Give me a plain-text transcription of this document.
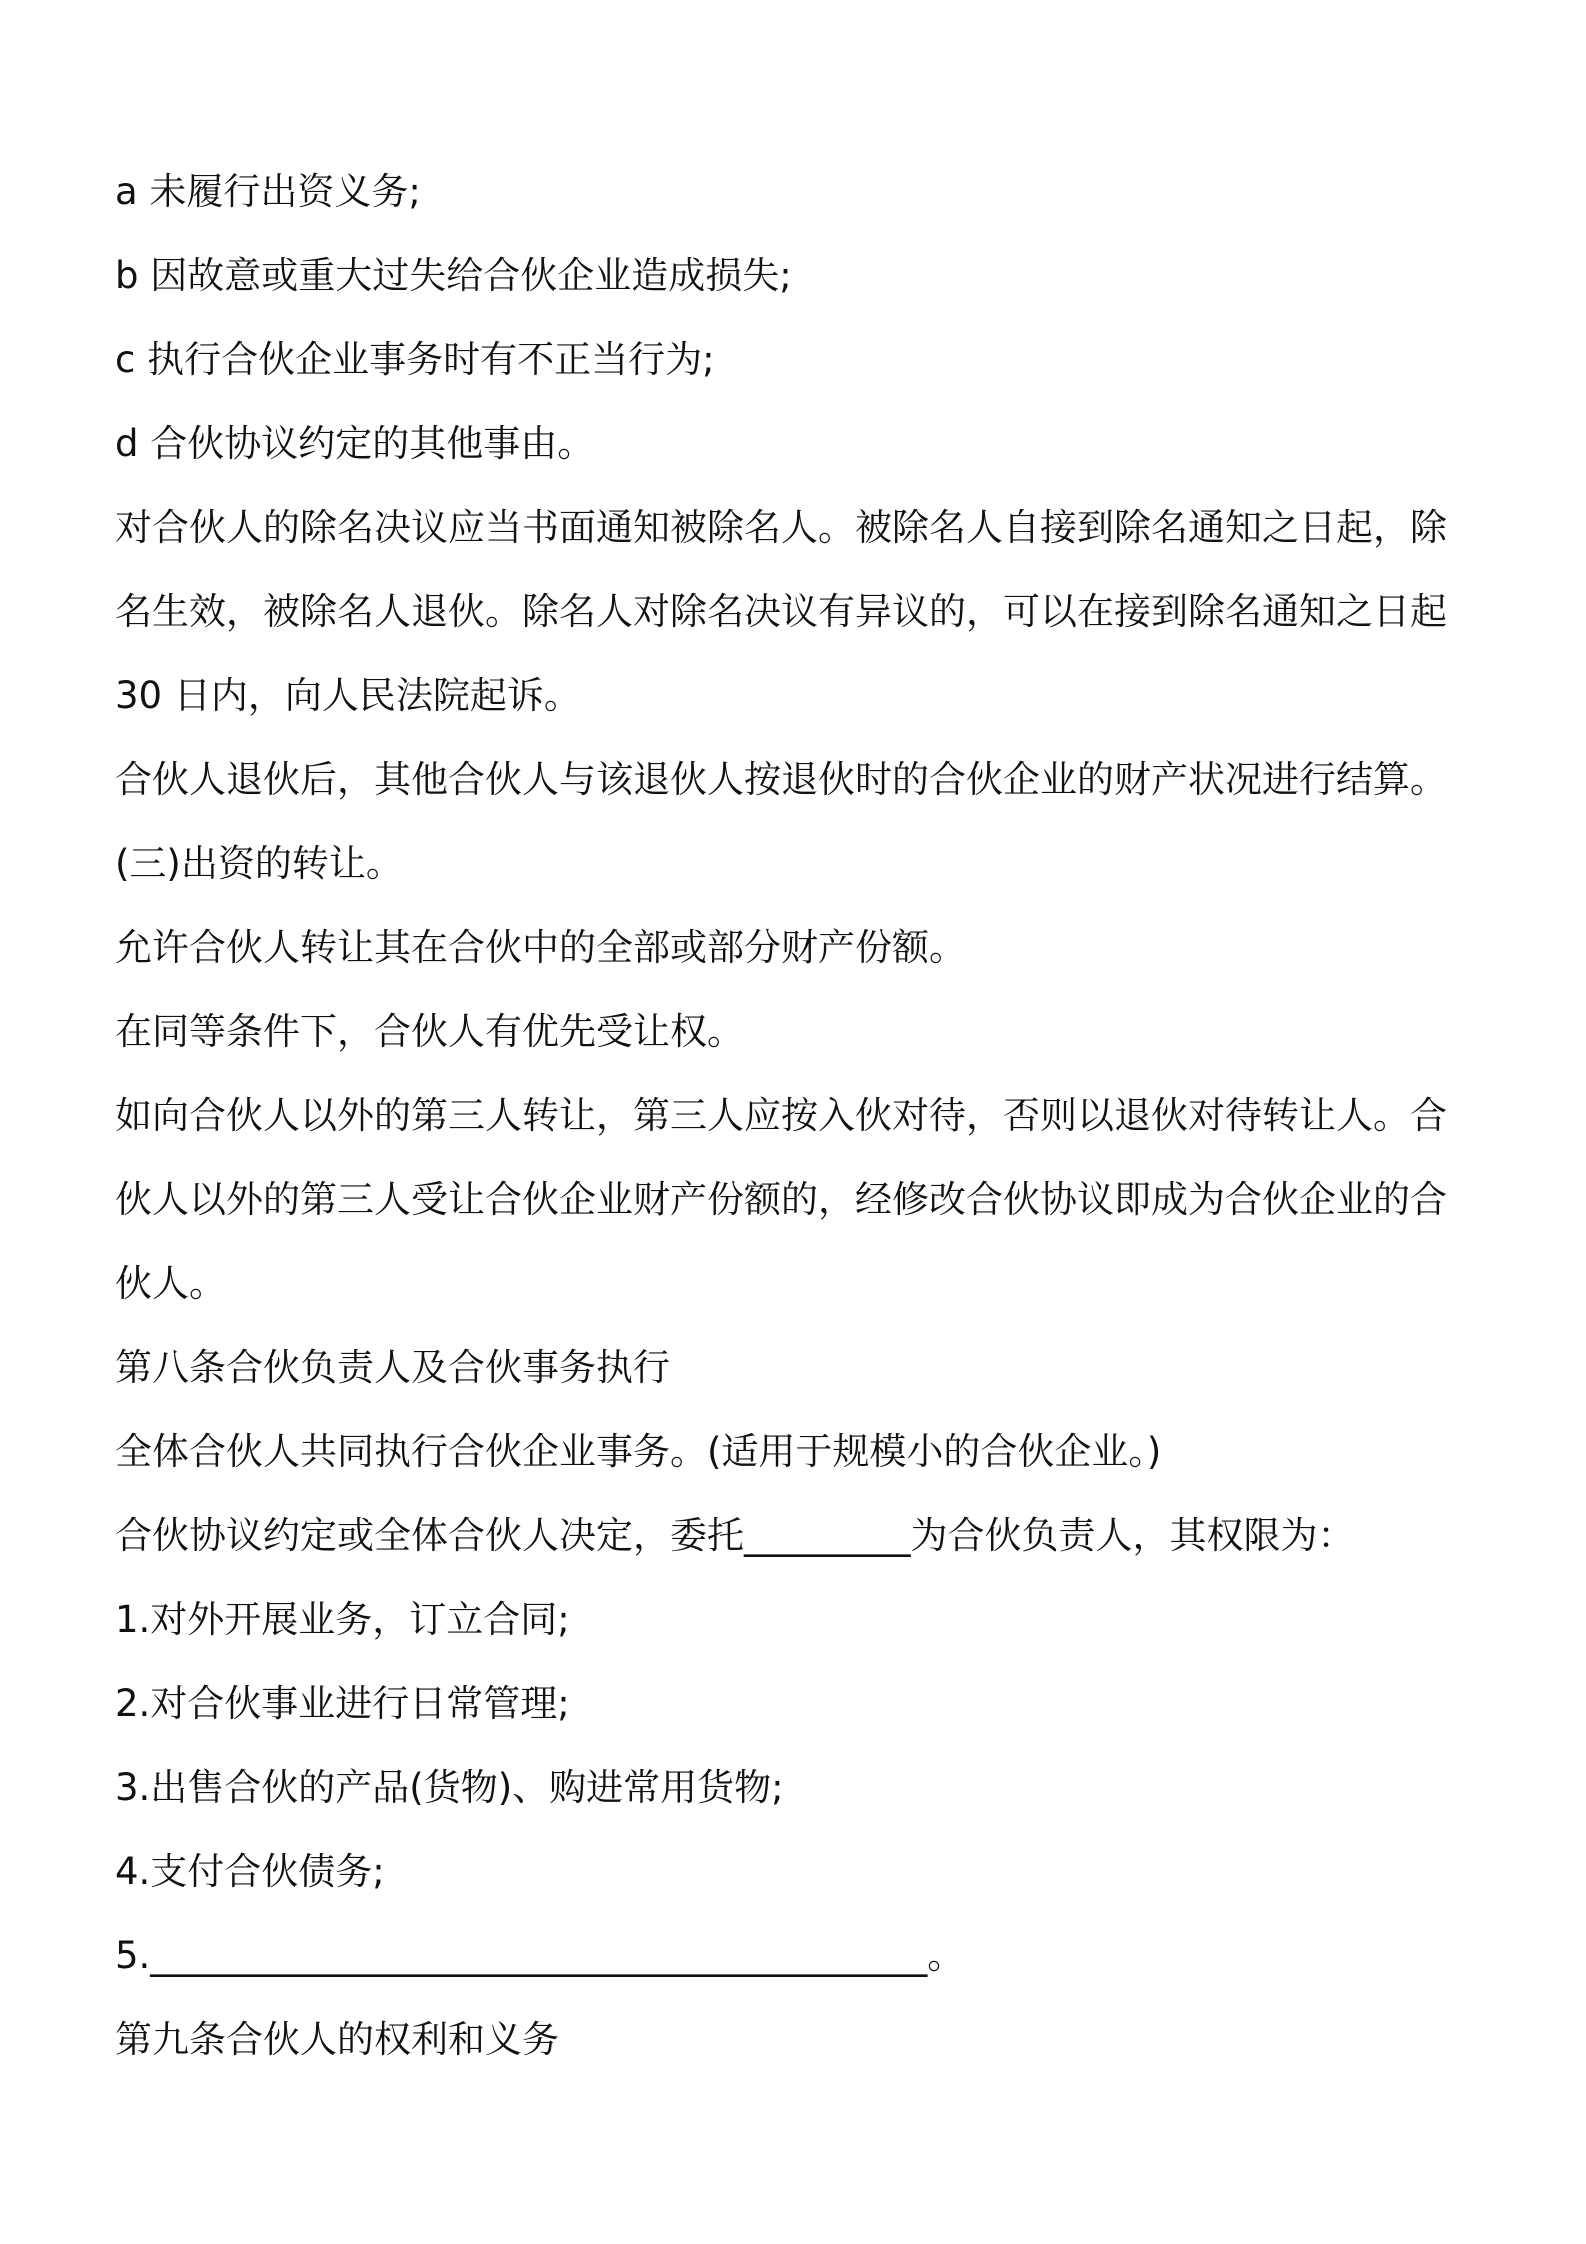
a 未履行出资义务;
b 因故意或重大过失给合伙企业造成损失;
c 执行合伙企业事务时有不正当行为;
d 合伙协议约定的其他事由。
对合伙人的除名决议应当书面通知被除名人。被除名人自接到除名通知之日起，除
名生效，被除名人退伙。除名人对除名决议有异议的，可以在接到除名通知之日起
30 日内，向人民法院起诉。
合伙人退伙后，其他合伙人与该退伙人按退伙时的合伙企业的财产状况进行结算。
(三)出资的转让。
允许合伙人转让其在合伙中的全部或部分财产份额。
在同等条件下，合伙人有优先受让权。
如向合伙人以外的第三人转让，第三人应按入伙对待，否则以退伙对待转让人。合
伙人以外的第三人受让合伙企业财产份额的，经修改合伙协议即成为合伙企业的合
伙人。
第八条合伙负责人及合伙事务执行
全体合伙人共同执行合伙企业事务。(适用于规模小的合伙企业。)
合伙协议约定或全体合伙人决定，委托_________为合伙负责人，其权限为：
1.对外开展业务，订立合同;
2.对合伙事业进行日常管理;
3.出售合伙的产品(货物)、购进常用货物;
4.支付合伙债务;
5.__________________________________________。
第九条合伙人的权利和义务
